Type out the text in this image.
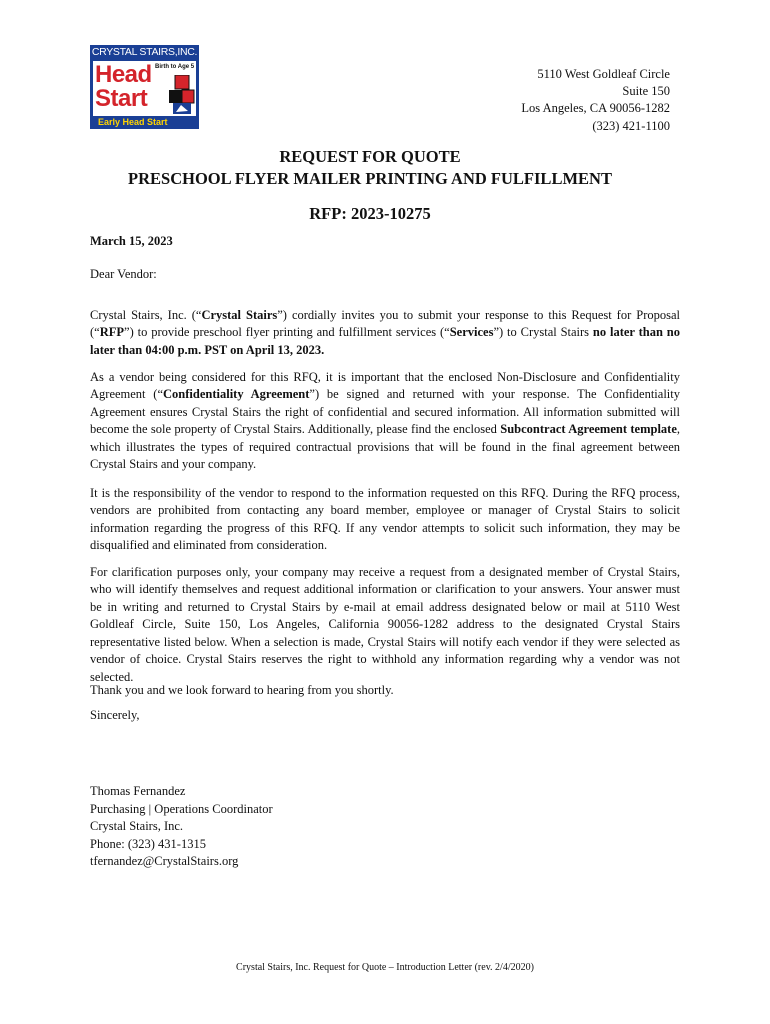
CRYSTAL STAIRS,INC.
Head
Start
Birth to Age 5
Early Head Start
5110 West Goldleaf Circle
Suite 150
Los Angeles, CA 90056-1282
(323) 421-1100
REQUEST FOR QUOTE
PRESCHOOL FLYER MAILER PRINTING AND FULFILLMENT
RFP: 2023-10275
March 15, 2023
Dear Vendor:

Crystal Stairs, Inc. (“Crystal Stairs”) cordially invites you to submit your response to this Request for Proposal (“RFP”) to provide preschool flyer printing and fulfillment services (“Services”) to Crystal Stairs no later than no later than 04:00 p.m. PST on April 13, 2023.

As a vendor being considered for this RFQ, it is important that the enclosed Non-Disclosure and Confidentiality Agreement (“Confidentiality Agreement”) be signed and returned with your response. The Confidentiality Agreement ensures Crystal Stairs the right of confidential and secured information. All information submitted will become the sole property of Crystal Stairs. Additionally, please find the enclosed Subcontract Agreement template, which illustrates the types of required contractual provisions that will be found in the final agreement between Crystal Stairs and your company.

It is the responsibility of the vendor to respond to the information requested on this RFQ. During the RFQ process, vendors are prohibited from contacting any board member, employee or manager of Crystal Stairs to solicit information regarding the progress of this RFQ. If any vendor attempts to solicit such information, they may be disqualified and eliminated from consideration.

For clarification purposes only, your company may receive a request from a designated member of Crystal Stairs, who will identify themselves and request additional information or clarification to your answers. Your answer must be in writing and returned to Crystal Stairs by e-mail at email address designated below or mail at 5110 West Goldleaf Circle, Suite 150, Los Angeles, California 90056-1282 address to the designated Crystal Stairs representative listed below. When a selection is made, Crystal Stairs will notify each vendor if they were selected as vendor of choice. Crystal Stairs reserves the right to withhold any information regarding why a vendor was not selected.

Thank you and we look forward to hearing from you shortly.
Sincerely,
Thomas Fernandez
Purchasing | Operations Coordinator
Crystal Stairs, Inc.
Phone: (323) 431-1315
tfernandez@CrystalStairs.org
Crystal Stairs, Inc. Request for Quote – Introduction Letter (rev. 2/4/2020)
